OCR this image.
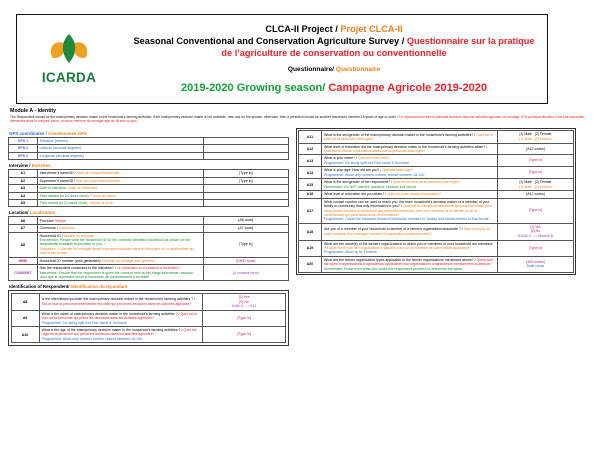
ICARDA
CLCA-II Project / Projet CLCA-II
Seasonal Conventional and Conservation Agriculture Survey / Questionnaire sur la pratique
de l’agriculture de conservation ou conventionnelle
Questionnaire/ Questionnaire
2019-2020 Growing season/ Campagne Agricole 2019-2020
Module A - Identity
The Respondent should be the main/primary decision maker in the household’s farming activities. If the main/primary decision maker is not available, then ask for the spouse, otherwise, then a president should be another household member 18 years of age or older. / Le repondant doit etre le principal decideur dans les activites agricoles du menage. Si le principal decideur n’est pas disponible, demandez alors le conjoint, sinon, un autre membre du menage age de 18 ans ou plus.
GPS coordinates / Coordonnees GPS
GPS 1	Elevation (meters)	
GPS 2	Latitude (decimal degrees)	
GPS 3	Longitude (decimal degrees)	
Interview / Entretien
A1	Interviewer’s name/ID / Nom de l’enqueteur/Identite	[Type in]
A2	Supervisor’s name/ID / Nom du superviseur/Identite	[Type in]
A3	Date of interview / Date de l’interview	
A4	Time started (in 24 hours clock) / Heure du debut	
A5	Time ended (in 24 hours clock) / Heure de la fin	
Location/ Localisation
A6	Province/ Wilaya	[A6 code]
A7	Commune / Commune	[A7 code]
A8	Household ID / Identite du menage
Enumerator: Please write the household ID for the currently identified household as shown on the template/list available to/provided to you. /
Enqueteur : L’identite du menage actuel vous sera indiquee dans le formulaire ou la liste/modele qui vous a ete remise	[Type in]
HHID	Household ID number (auto generated) / Identite du menage auto generee	[HHID code]
CONSENT	Has the respondent consented to the interview? / Le repondant a-t-il consenti a l’entretien?
Interviewer: Ensure that the respondent is given the consent form at this stage/Interviewer: assurez-vous que le repondant recoit le formulaire de consentement a ce stade	[A consent form]
Identification of Respondent/ Identification du repondant
A8	Is the interviewee/provider the main/primary decision maker in the household’s farming activities ? / Est-ce que la personne interviewee est celle qui prend les decisions dans les activites agricoles?	[1] Yes
[0] No
If A8=1, --> A11

A9	What is the name of main/primary decision maker in the household’s farming activities ? / Quel est le nom de la personne qui prend les decisions dans les activites agricoles?
Programmer: No string split into First name & Surname	[Type in]
A10	What is the age of the main/primary decision maker in the household’s farming activities ? / Quel est l’age de la personne qui prend les decisions dans les activites agricoles?
Programmer: Allow only numeric entries, restrict between 18-100	[Type in]
A11	What is the sex/gender of the main/primary decision maker in the household’s farming activities? / Quel est le sexe de la personne interrogee?	[1] Male [2] Female
[1] Male [2] Femme

A12	What level of education did the main/primary decision maker in the household’s farming activities attain? / Quel est le niveau d’education atteint par la personne interrogee?	[A12 codes]
A13	What is your name? / Quel est votre nom?
Programmer: No string split into First name & Surname	[Type in]
A14	What is your age/ How old are you? / Quel est votre age?
Programmer: Allow only numeric entries, restrict between 18-100	[Type in]
A15	What is the sex/gender of the respondent? / Quel est le sexe de la personne interrogee?
Enumerator: Do NOT ask this question, observe and record	[1] Male [2] Female
[1] Male [2] Femme

A16	What level of education did you attain? / Quel est votre niveau d’education?	[A12 codes]
A17	What contact number can be used to reach you, the main household’s decision maker or a member of your family or community that only information to you? / Quel est le numero de telephone qui peut etre utilise pour vous joindre ou celui du personnel qui prend les decisions, pour d’un membre de la famille ou de la communaute qui peut nous servir d’informateur?
Programmer: Check the standard format of telephone numbers in Tunisia and restrict entries to that format	[Type in]
A18	Are you or a member of your household a member of a farmers organization/associate ? / Etes-vous (ou un autre membre d’un menage) membre d’organisation professionnelle?	[1] Yes
[0] No
If A18=0, --> Module B

A19	What are the name(s) of the farmers organizations to which you or members of your household are members ? / Quel est le nom de l’organisation a laquelle vous ou un membre de votre famille appartient?
Programmer: Allow up to 3 entries	[Type in]
A20	What are the farmer organization types applicable to the farmer organizations mentioned above? / Quels sont les types d’organisations d’agriculteurs applicables aux organisations d’agriculteurs mentionnees ci-dessus?
Enumerator: Probe from within the codes the respondent provided to determine the types.	[A20 codes]
Multi check
